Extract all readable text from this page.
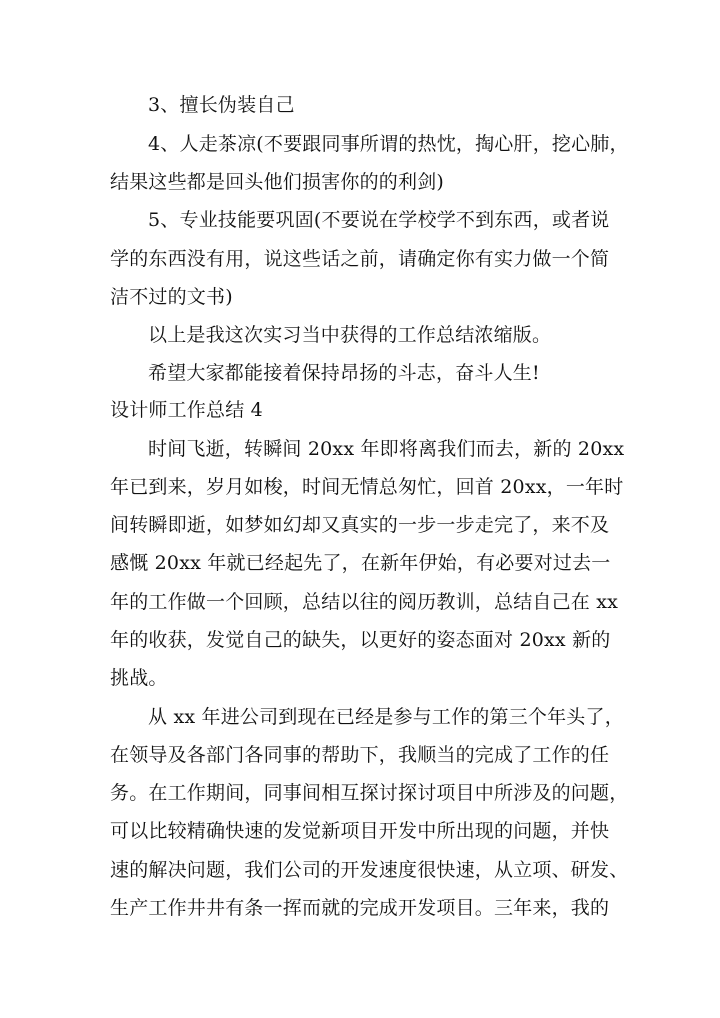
3、擅长伪装自己
4、人走茶凉(不要跟同事所谓的热忱，掏心肝，挖心肺，
结果这些都是回头他们损害你的的利剑)
5、专业技能要巩固(不要说在学校学不到东西，或者说
学的东西没有用，说这些话之前，请确定你有实力做一个简
洁不过的文书)
以上是我这次实习当中获得的工作总结浓缩版。
希望大家都能接着保持昂扬的斗志，奋斗人生!
设计师工作总结 4
时间飞逝，转瞬间 20xx 年即将离我们而去，新的 20xx
年已到来，岁月如梭，时间无情总匆忙，回首 20xx，一年时
间转瞬即逝，如梦如幻却又真实的一步一步走完了，来不及
感慨 20xx 年就已经起先了，在新年伊始，有必要对过去一
年的工作做一个回顾，总结以往的阅历教训，总结自己在 xx
年的收获，发觉自己的缺失，以更好的姿态面对 20xx 新的
挑战。
从 xx 年进公司到现在已经是参与工作的第三个年头了，
在领导及各部门各同事的帮助下，我顺当的完成了工作的任
务。在工作期间，同事间相互探讨探讨项目中所涉及的问题，
可以比较精确快速的发觉新项目开发中所出现的问题，并快
速的解决问题，我们公司的开发速度很快速，从立项、研发、
生产工作井井有条一挥而就的完成开发项目。三年来，我的
